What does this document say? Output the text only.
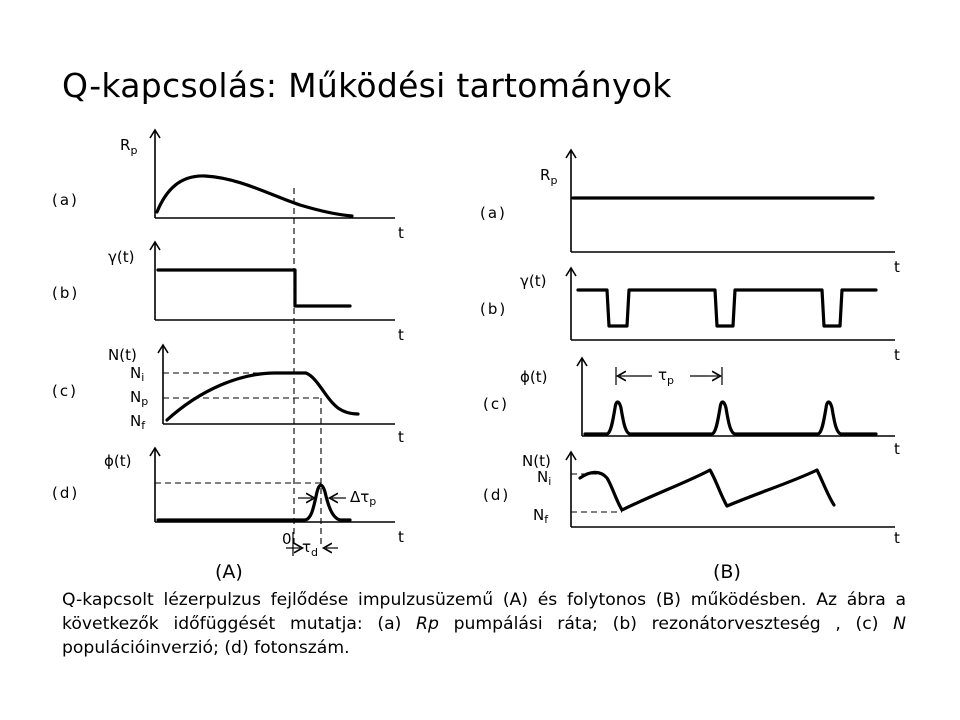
Q-kapcsolás: Működési tartományok
(a)
$R_p$
t
(b)
γ(t)
t
(c)
N(t)
$N_i$
$N_p$
$N_f$
t
(d)
ϕ(t)
t
$\Delta\tau_p$
0 $\tau_d$
(A)
(a)
$R_p$
t
(b)
γ(t)
t
(c)
ϕ(t)
t
$\tau_p$
(d)
N(t)
$N_i$
$N_f$
t
(B)
Q-kapcsolt lézerpulzus fejlődése impulzusüzemű (A) és folytonos (B) működésben. Az ábra a következők időfüggését mutatja: (a) Rp pumpálási ráta; (b) rezonátorveszteség , (c) N populációinverzió; (d) fotonszám.
